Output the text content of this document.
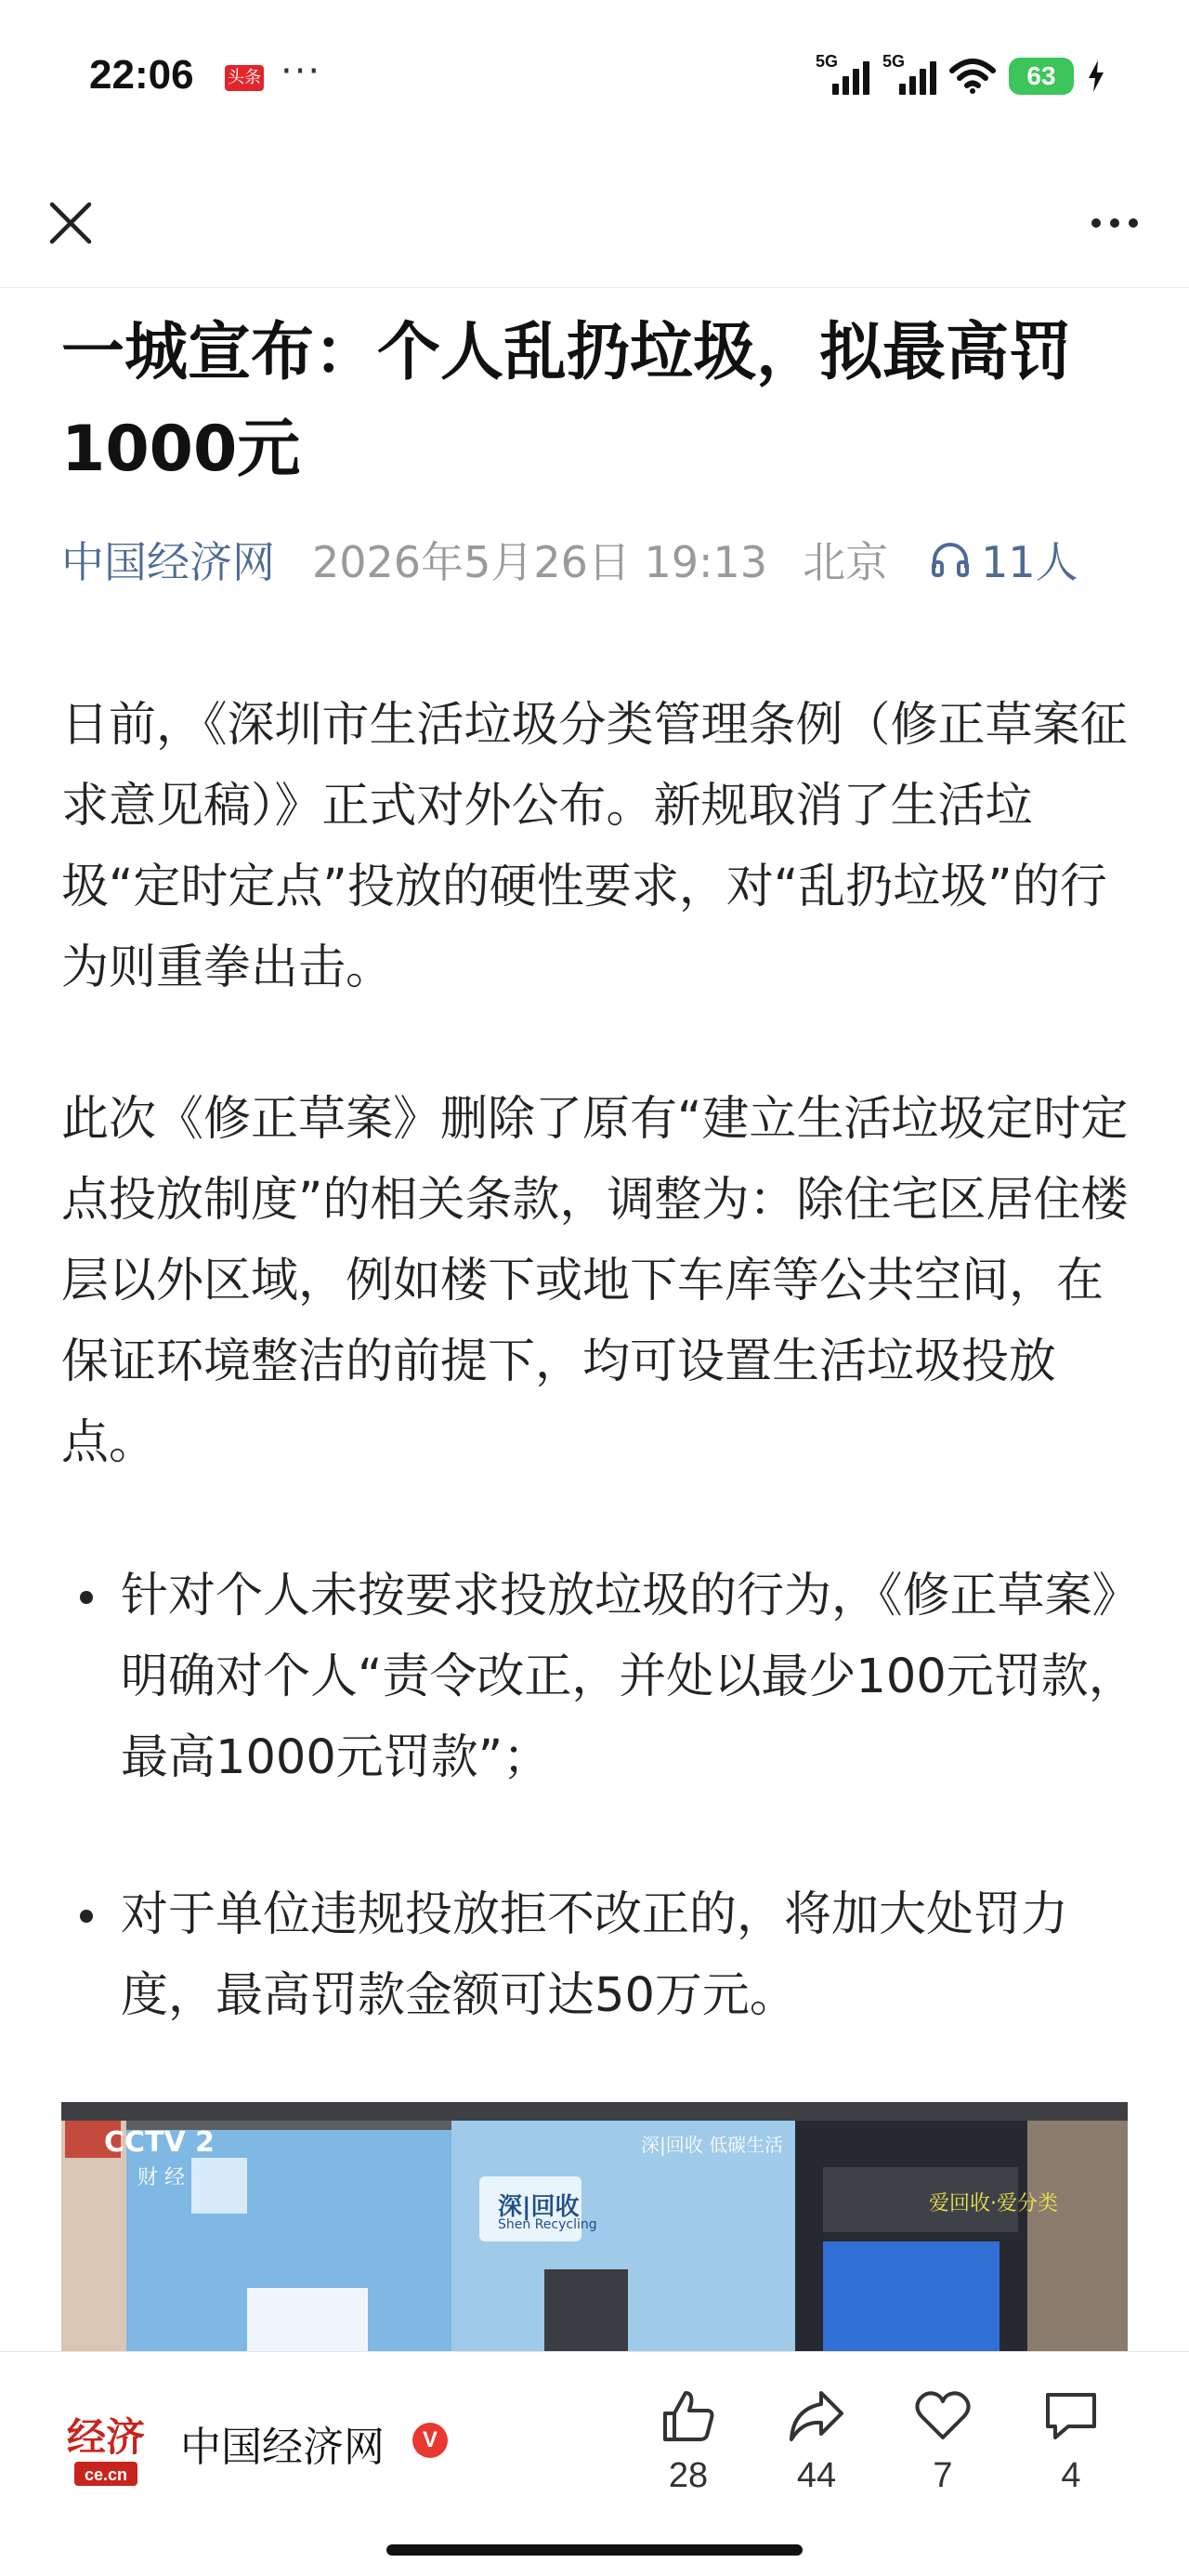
22:06 头条 ···	5G	5G	63
一城宣布：个人乱扔垃圾，拟最高罚1000元
中国经济网 2026年5月26日 19:13 北京 11人

日前，《深圳市生活垃圾分类管理条例（修正草案征求意见稿）》正式对外公布。新规取消了生活垃圾“定时定点”投放的硬性要求，对“乱扔垃圾”的行为则重拳出击。

此次《修正草案》删除了原有“建立生活垃圾定时定点投放制度”的相关条款，调整为：除住宅区居住楼层以外区域，例如楼下或地下车库等公共空间，在保证环境整洁的前提下，均可设置生活垃圾投放点。

针对个人未按要求投放垃圾的行为，《修正草案》明确对个人“责令改正，并处以最少100元罚款，最高1000元罚款”；
对于单位违规投放拒不改正的，将加大处罚力度，最高罚款金额可达50万元。
CCTV 2
财 经
深|回收 低碳生活
深|回收
Shen Recycling
爱回收·爱分类
经济
ce.cn
中国经济网	V
28	44	7	4
